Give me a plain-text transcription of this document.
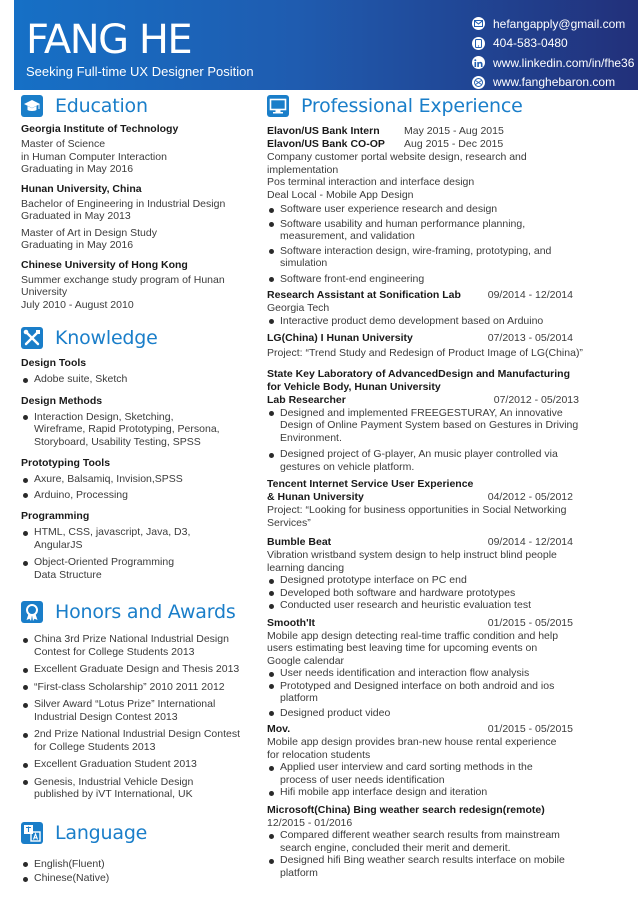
FANG HE
Seeking Full-time UX Designer Position
hefangapply@gmail.com
404-583-0480
www.linkedin.com/in/fhe36
www.fanghebaron.com
Education
Georgia Institute of Technology
Master of Science
in Human Computer Interaction
Graduating in May 2016
Hunan University, China
Bachelor of Engineering in Industrial Design
Graduated in May 2013
Master of Art in Design Study
Graduating in May 2016
Chinese University of Hong Kong
Summer exchange study program of Hunan
University
July 2010 - August 2010
Knowledge
Design Tools
Adobe suite, Sketch
Design Methods
Interaction Design, Sketching,
Wireframe, Rapid Prototyping, Persona,
Storyboard, Usability Testing, SPSS
Prototyping Tools
Axure, Balsamiq, Invision,SPSS
Arduino, Processing
Programming
HTML, CSS, javascript, Java, D3,
AngularJS
Object-Oriented Programming
Data Structure
Honors and Awards
China 3rd Prize National Industrial Design
Contest for College Students 2013
Excellent Graduate Design and Thesis 2013
“First-class Scholarship” 2010 2011 2012
Silver Award “Lotus Prize” International
Industrial Design Contest 2013
2nd Prize National Industrial Design Contest
for College Students 2013
Excellent Graduation Student 2013
Genesis, Industrial Vehicle Design
published by iVT International, UK
Language
English(Fluent)
Chinese(Native)
Professional Experience
Elavon/US Bank Intern	May 2015 - Aug 2015
Elavon/US Bank CO-OP	Aug 2015 - Dec 2015
Company customer portal website design, research and
implementation
Pos terminal interaction and interface design
Deal Local - Mobile App Design
Software user experience research and design
Software usability and human performance planning,
measurement, and validation
Software interaction design, wire-framing, prototyping, and
simulation
Software front-end engineering
Research Assistant at Sonification Lab	09/2014 - 12/2014
Georgia Tech
Interactive product demo development based on Arduino
LG(China) I Hunan University	07/2013 - 05/2014
Project: “Trend Study and Redesign of Product Image of LG(China)”
State Key Laboratory of AdvancedDesign and Manufacturing
for Vehicle Body, Hunan University
Lab Researcher	07/2012 - 05/2013
Designed and implemented FREEGESTURAY, An innovative
Design of Online Payment System based on Gestures in Driving
Environment.
Designed project of G-player, An music player controlled via
gestures on vehicle platform.
Tencent Internet Service User Experience
& Hunan University	04/2012 - 05/2012
Project: “Looking for business opportunities in Social Networking
Services”
Bumble Beat	09/2014 - 12/2014
Vibration wristband system design to help instruct blind people
learning dancing
Designed prototype interface on PC end
Developed both software and hardware prototypes
Conducted user research and heuristic evaluation test
Smooth'It	01/2015 - 05/2015
Mobile app design detecting real-time traffic condition and help
users estimating best leaving time for upcoming events on
Google calendar
User needs identification and interaction flow analysis
Prototyped and Designed interface on both android and ios
platform
Designed product video
Mov.	01/2015 - 05/2015
Mobile app design provides bran-new house rental experience
for relocation students
Applied user interview and card sorting methods in the
process of user needs identification
Hifi mobile app interface design and iteration
Microsoft(China) Bing weather search redesign(remote)
12/2015 - 01/2016
Compared different weather search results from mainstream
search engine, concluded their merit and demerit.
Designed hifi Bing weather search results interface on mobile
platform
